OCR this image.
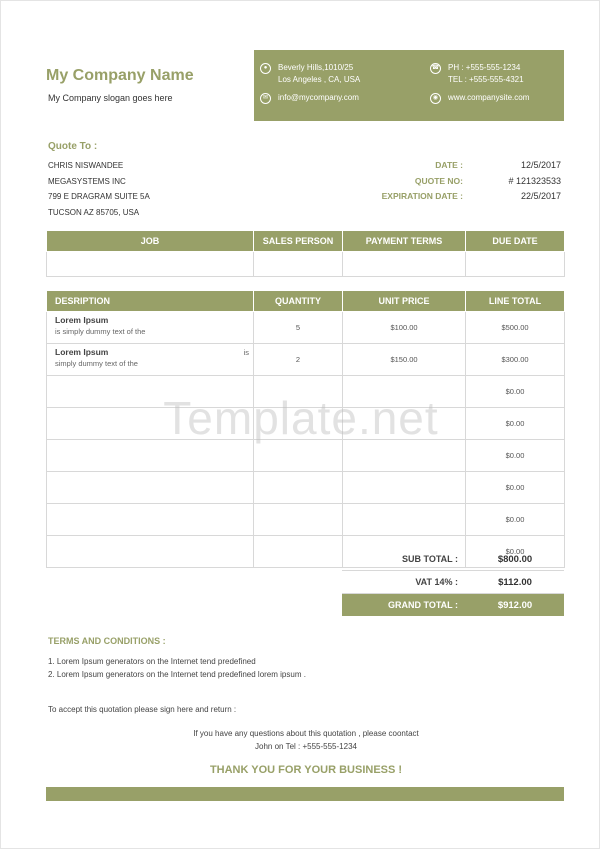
My Company Name
My Company slogan goes here
●	Beverly Hills,1010/25
Los Angeles , CA, USA
✉	info@mycompany.com
☎ PH : +555-555-1234
TEL : +555-555-4321
◉	www.companysite.com
Quote To :
CHRIS NISWANDEE
MEGASYSTEMS INC
799 E DRAGRAM SUITE 5A
TUCSON AZ 85705, USA
DATE :	12/5/2017
QUOTE NO:	# 121323533
EXPIRATION DATE :	22/5/2017
JOB	SALES PERSON	PAYMENT TERMS	DUE DATE

DESRIPTION	QUANTITY	UNIT PRICE	LINE TOTAL

Lorem Ipsum
is simply dummy text of the	5	$100.00	$500.00

Lorem Ipsum
simply dummy text of the
is	2	$150.00	$300.00

			$0.00

			$0.00

			$0.00

			$0.00

			$0.00

			$0.00
Template.net
SUB TOTAL :	$800.00
VAT 14% :	$112.00
GRAND TOTAL :	$912.00
TERMS AND CONDITIONS :
1. Lorem Ipsum generators on the Internet tend predefined
2. Lorem Ipsum generators on the Internet tend predefined lorem ipsum .
To accept this quotation please sign here and return :
If you have any questions about this quotation , please coontact
John on Tel : +555-555-1234
THANK YOU FOR YOUR BUSINESS !
